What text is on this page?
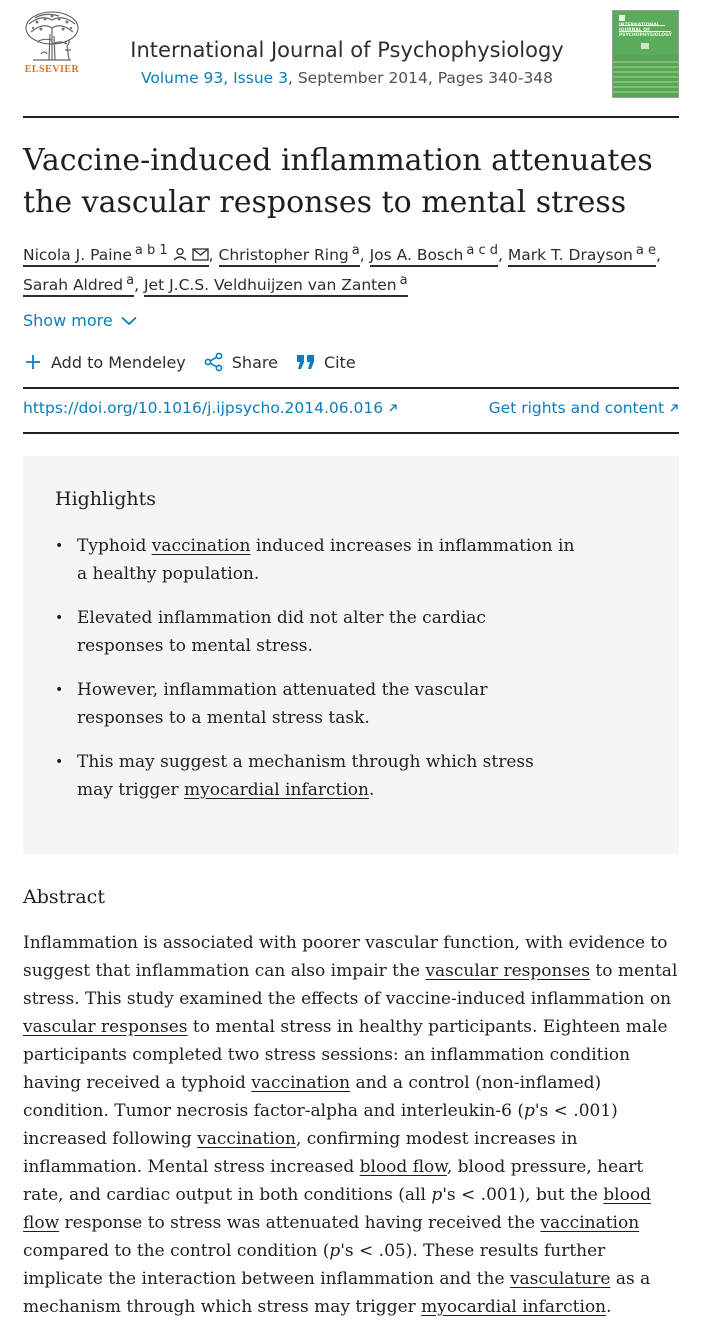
ELSEVIER
International Journal of Psychophysiology
Volume 93, Issue 3, September 2014, Pages 340-348
INTERNATIONAL JOURNAL OF PSYCHOPHYSIOLOGY
Vaccine-induced inflammation attenuates the vascular responses to mental stress
Nicola J. Paine $^{a b 1}$	, Christopher Ring $^a$, Jos A. Bosch $^{a c d}$, Mark T. Drayson $^{a e}$,
Sarah Aldred $^a$, Jet J.C.S. Veldhuijzen van Zanten $^a$
Show more
Add to Mendeley	Share	Cite
https://doi.org/10.1016/j.ijpsycho.2014.06.016	Get rights and content
Highlights
• Typhoid vaccination induced increases in inflammation in a healthy population.
• Elevated inflammation did not alter the cardiac responses to mental stress.
• However, inflammation attenuated the vascular responses to a mental stress task.
• This may suggest a mechanism through which stress may trigger myocardial infarction.
Abstract

Inflammation is associated with poorer vascular function, with evidence to suggest that inflammation can also impair the vascular responses to mental stress. This study examined the effects of vaccine-induced inflammation on vascular responses to mental stress in healthy participants. Eighteen male participants completed two stress sessions: an inflammation condition having received a typhoid vaccination and a control (non-inflamed) condition. Tumor necrosis factor-alpha and interleukin-6 (p's < .001) increased following vaccination, confirming modest increases in inflammation. Mental stress increased blood flow, blood pressure, heart rate, and cardiac output in both conditions (all p's < .001), but the blood flow response to stress was attenuated having received the vaccination compared to the control condition (p's < .05). These results further implicate the interaction between inflammation and the vasculature as a mechanism through which stress may trigger myocardial infarction.
